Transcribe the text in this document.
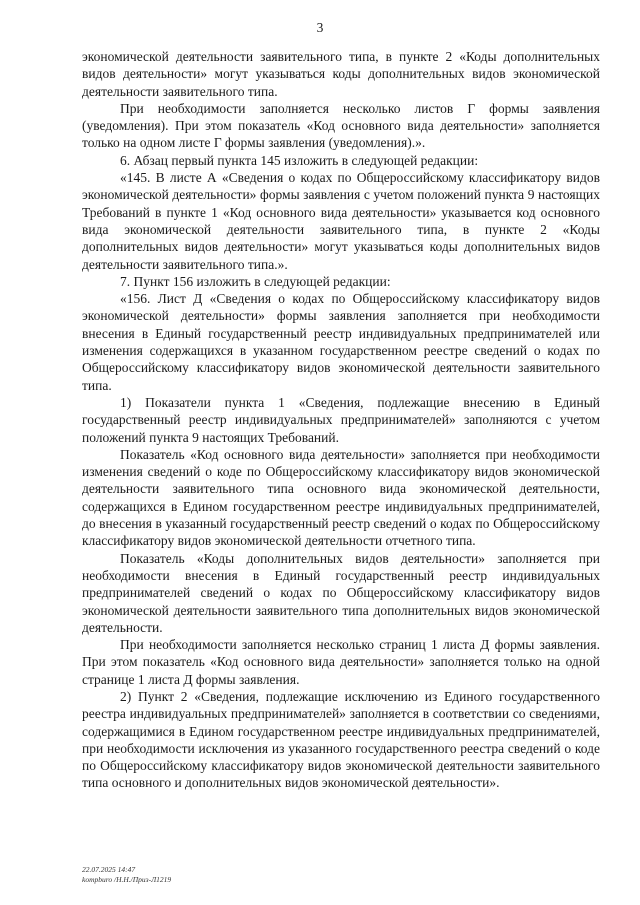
3

экономической деятельности заявительного типа, в пункте 2 «Коды дополнительных видов деятельности» могут указываться коды дополнительных видов экономической деятельности заявительного типа.

При необходимости заполняется несколько листов Г формы заявления (уведомления). При этом показатель «Код основного вида деятельности» заполняется только на одном листе Г формы заявления (уведомления).».

6. Абзац первый пункта 145 изложить в следующей редакции:

«145. В листе А «Сведения о кодах по Общероссийскому классификатору видов экономической деятельности» формы заявления с учетом положений пункта 9 настоящих Требований в пункте 1 «Код основного вида деятельности» указывается код основного вида экономической деятельности заявительного типа, в пункте 2 «Коды дополнительных видов деятельности» могут указываться коды дополнительных видов деятельности заявительного типа.».

7. Пункт 156 изложить в следующей редакции:

«156. Лист Д «Сведения о кодах по Общероссийскому классификатору видов экономической деятельности» формы заявления заполняется при необходимости внесения в Единый государственный реестр индивидуальных предпринимателей или изменения содержащихся в указанном государственном реестре сведений о кодах по Общероссийскому классификатору видов экономической деятельности заявительного типа.

1) Показатели пункта 1 «Сведения, подлежащие внесению в Единый государственный реестр индивидуальных предпринимателей» заполняются с учетом положений пункта 9 настоящих Требований.

Показатель «Код основного вида деятельности» заполняется при необходимости изменения сведений о коде по Общероссийскому классификатору видов экономической деятельности заявительного типа основного вида экономической деятельности, содержащихся в Едином государственном реестре индивидуальных предпринимателей, до внесения в указанный государственный реестр сведений о кодах по Общероссийскому классификатору видов экономической деятельности отчетного типа.

Показатель «Коды дополнительных видов деятельности» заполняется при необходимости внесения в Единый государственный реестр индивидуальных предпринимателей сведений о кодах по Общероссийскому классификатору видов экономической деятельности заявительного типа дополнительных видов экономической деятельности.

При необходимости заполняется несколько страниц 1 листа Д формы заявления. При этом показатель «Код основного вида деятельности» заполняется только на одной странице 1 листа Д формы заявления.

2) Пункт 2 «Сведения, подлежащие исключению из Единого государственного реестра индивидуальных предпринимателей» заполняется в соответствии со сведениями, содержащимися в Едином государственном реестре индивидуальных предпринимателей, при необходимости исключения из указанного государственного реестра сведений о коде по Общероссийскому классификатору видов экономической деятельности заявительного типа основного и дополнительных видов экономической деятельности».

22.07.2025 14:47
kompburo /Н.Н./Приз-Л1219
